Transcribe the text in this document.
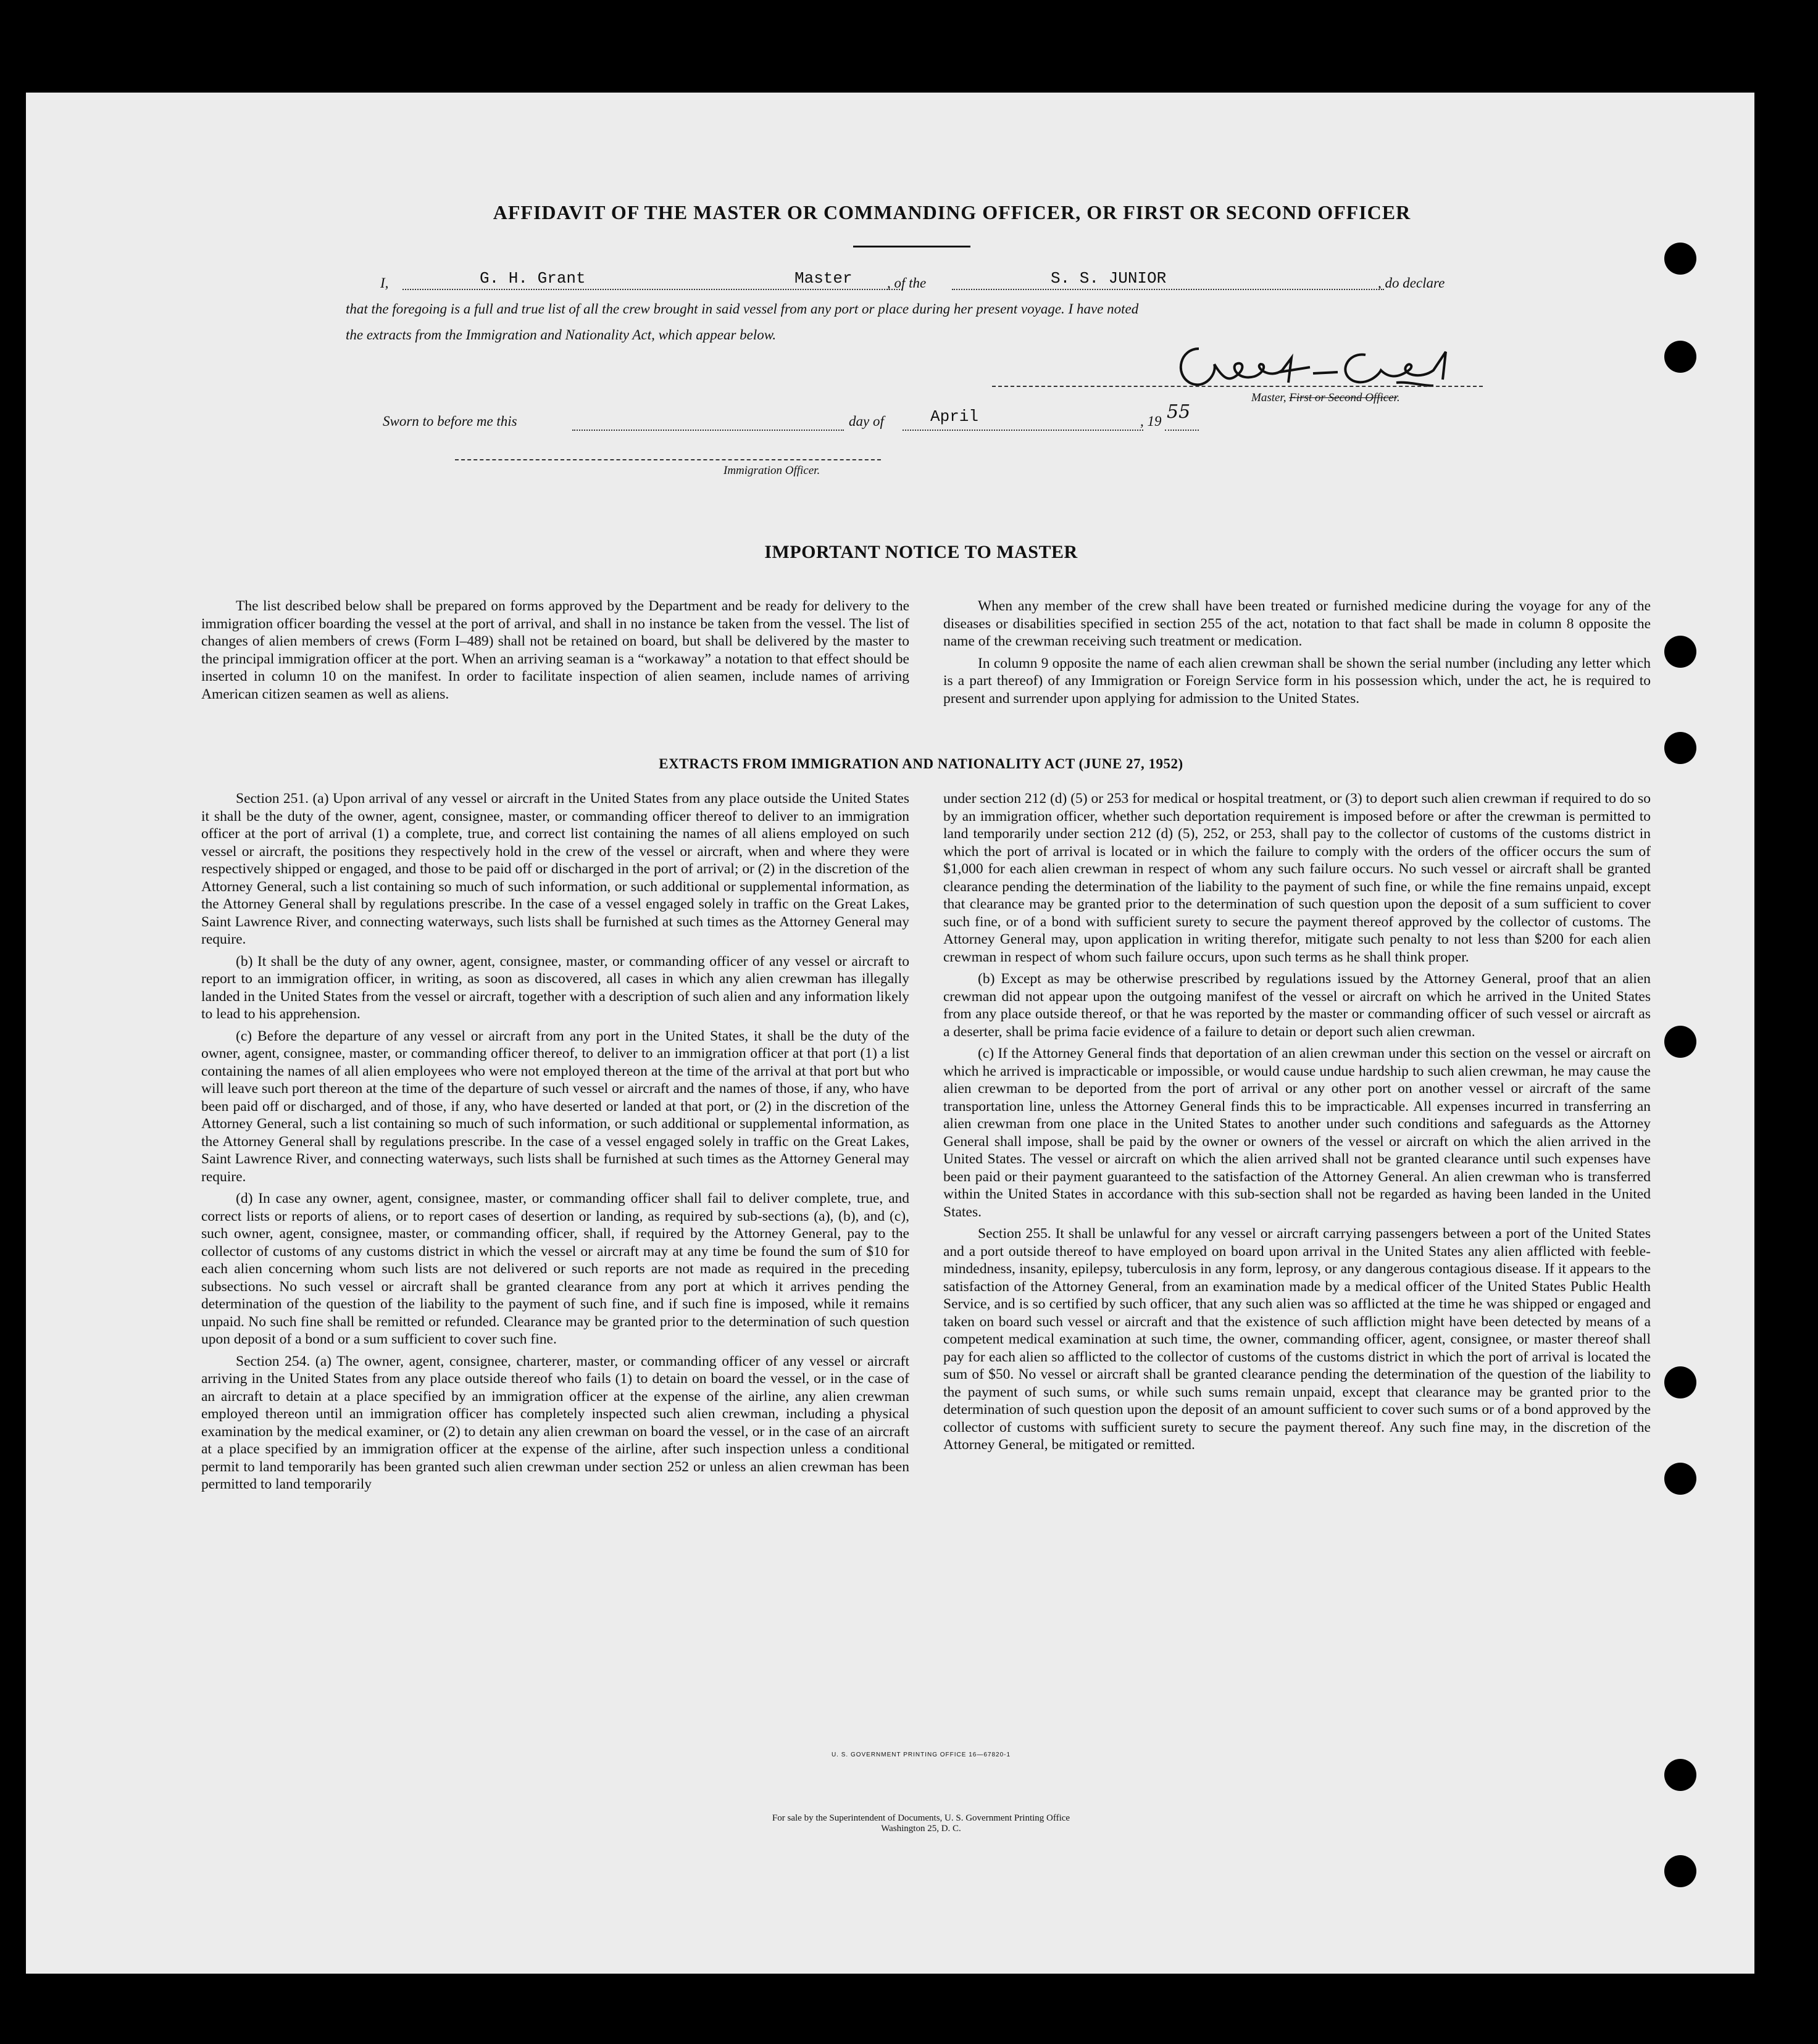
AFFIDAVIT OF THE MASTER OR COMMANDING OFFICER, OR FIRST OR SECOND OFFICER
I,	G. H. Grant	Master , of the	S. S. JUNIOR	, do declare
that the foregoing is a full and true list of all the crew brought in said vessel from any port or place during her present voyage. I have noted
the extracts from the Immigration and Nationality Act, which appear below.
Master, First or Second Officer.
Sworn to before me this	day of	April	, 19 55
Immigration Officer.
IMPORTANT NOTICE TO MASTER

The list described below shall be prepared on forms approved by the Department and be ready for delivery to the immigration officer boarding the vessel at the port of arrival, and shall in no instance be taken from the vessel. The list of changes of alien members of crews (Form I–489) shall not be retained on board, but shall be delivered by the master to the principal immigration officer at the port. When an arriving seaman is a “workaway” a notation to that effect should be inserted in column 10 on the manifest. In order to facilitate inspection of alien seamen, include names of arriving American citizen seamen as well as aliens.

When any member of the crew shall have been treated or furnished medicine during the voyage for any of the diseases or disabilities specified in section 255 of the act, notation to that fact shall be made in column 8 opposite the name of the crewman receiving such treatment or medication.

In column 9 opposite the name of each alien crewman shall be shown the serial number (including any letter which is a part thereof) of any Immigration or Foreign Service form in his possession which, under the act, he is required to present and surrender upon applying for admission to the United States.

EXTRACTS FROM IMMIGRATION AND NATIONALITY ACT (JUNE 27, 1952)

Section 251. (a) Upon arrival of any vessel or aircraft in the United States from any place outside the United States it shall be the duty of the owner, agent, consignee, master, or commanding officer thereof to deliver to an immigration officer at the port of arrival (1) a complete, true, and correct list containing the names of all aliens employed on such vessel or aircraft, the positions they respectively hold in the crew of the vessel or aircraft, when and where they were respectively shipped or engaged, and those to be paid off or discharged in the port of arrival; or (2) in the discretion of the Attorney General, such a list containing so much of such information, or such additional or supplemental information, as the Attorney General shall by regulations prescribe. In the case of a vessel engaged solely in traffic on the Great Lakes, Saint Lawrence River, and connecting waterways, such lists shall be furnished at such times as the Attorney General may require.

(b) It shall be the duty of any owner, agent, consignee, master, or commanding officer of any vessel or aircraft to report to an immigration officer, in writing, as soon as discovered, all cases in which any alien crewman has illegally landed in the United States from the vessel or aircraft, together with a description of such alien and any information likely to lead to his apprehension.

(c) Before the departure of any vessel or aircraft from any port in the United States, it shall be the duty of the owner, agent, consignee, master, or commanding officer thereof, to deliver to an immigration officer at that port (1) a list containing the names of all alien employees who were not employed thereon at the time of the arrival at that port but who will leave such port thereon at the time of the departure of such vessel or aircraft and the names of those, if any, who have been paid off or discharged, and of those, if any, who have deserted or landed at that port, or (2) in the discretion of the Attorney General, such a list containing so much of such information, or such additional or supplemental information, as the Attorney General shall by regulations prescribe. In the case of a vessel engaged solely in traffic on the Great Lakes, Saint Lawrence River, and connecting waterways, such lists shall be furnished at such times as the Attorney General may require.

(d) In case any owner, agent, consignee, master, or commanding officer shall fail to deliver complete, true, and correct lists or reports of aliens, or to report cases of desertion or landing, as required by sub-sections (a), (b), and (c), such owner, agent, consignee, master, or commanding officer, shall, if required by the Attorney General, pay to the collector of customs of any customs district in which the vessel or aircraft may at any time be found the sum of $10 for each alien concerning whom such lists are not delivered or such reports are not made as required in the preceding subsections. No such vessel or aircraft shall be granted clearance from any port at which it arrives pending the determination of the question of the liability to the payment of such fine, and if such fine is imposed, while it remains unpaid. No such fine shall be remitted or refunded. Clearance may be granted prior to the determination of such question upon deposit of a bond or a sum sufficient to cover such fine.

Section 254. (a) The owner, agent, consignee, charterer, master, or commanding officer of any vessel or aircraft arriving in the United States from any place outside thereof who fails (1) to detain on board the vessel, or in the case of an aircraft to detain at a place specified by an immigration officer at the expense of the airline, any alien crewman employed thereon until an immigration officer has completely inspected such alien crewman, including a physical examination by the medical examiner, or (2) to detain any alien crewman on board the vessel, or in the case of an aircraft at a place specified by an immigration officer at the expense of the airline, after such inspection unless a conditional permit to land temporarily has been granted such alien crewman under section 252 or unless an alien crewman has been permitted to land temporarily

under section 212 (d) (5) or 253 for medical or hospital treatment, or (3) to deport such alien crewman if required to do so by an immigration officer, whether such deportation requirement is imposed before or after the crewman is permitted to land temporarily under section 212 (d) (5), 252, or 253, shall pay to the collector of customs of the customs district in which the port of arrival is located or in which the failure to comply with the orders of the officer occurs the sum of $1,000 for each alien crewman in respect of whom any such failure occurs. No such vessel or aircraft shall be granted clearance pending the determination of the liability to the payment of such fine, or while the fine remains unpaid, except that clearance may be granted prior to the determination of such question upon the deposit of a sum sufficient to cover such fine, or of a bond with sufficient surety to secure the payment thereof approved by the collector of customs. The Attorney General may, upon application in writing therefor, mitigate such penalty to not less than $200 for each alien crewman in respect of whom such failure occurs, upon such terms as he shall think proper.

(b) Except as may be otherwise prescribed by regulations issued by the Attorney General, proof that an alien crewman did not appear upon the outgoing manifest of the vessel or aircraft on which he arrived in the United States from any place outside thereof, or that he was reported by the master or commanding officer of such vessel or aircraft as a deserter, shall be prima facie evidence of a failure to detain or deport such alien crewman.

(c) If the Attorney General finds that deportation of an alien crewman under this section on the vessel or aircraft on which he arrived is impracticable or impossible, or would cause undue hardship to such alien crewman, he may cause the alien crewman to be deported from the port of arrival or any other port on another vessel or aircraft of the same transportation line, unless the Attorney General finds this to be impracticable. All expenses incurred in transferring an alien crewman from one place in the United States to another under such conditions and safeguards as the Attorney General shall impose, shall be paid by the owner or owners of the vessel or aircraft on which the alien arrived in the United States. The vessel or aircraft on which the alien arrived shall not be granted clearance until such expenses have been paid or their payment guaranteed to the satisfaction of the Attorney General. An alien crewman who is transferred within the United States in accordance with this sub-section shall not be regarded as having been landed in the United States.

Section 255. It shall be unlawful for any vessel or aircraft carrying passengers between a port of the United States and a port outside thereof to have employed on board upon arrival in the United States any alien afflicted with feeble-mindedness, insanity, epilepsy, tuberculosis in any form, leprosy, or any dangerous contagious disease. If it appears to the satisfaction of the Attorney General, from an examination made by a medical officer of the United States Public Health Service, and is so certified by such officer, that any such alien was so afflicted at the time he was shipped or engaged and taken on board such vessel or aircraft and that the existence of such affliction might have been detected by means of a competent medical examination at such time, the owner, commanding officer, agent, consignee, or master thereof shall pay for each alien so afflicted to the collector of customs of the customs district in which the port of arrival is located the sum of $50. No vessel or aircraft shall be granted clearance pending the determination of the question of the liability to the payment of such sums, or while such sums remain unpaid, except that clearance may be granted prior to the determination of such question upon the deposit of an amount sufficient to cover such sums or of a bond approved by the collector of customs with sufficient surety to secure the payment thereof. Any such fine may, in the discretion of the Attorney General, be mitigated or remitted.

U. S. GOVERNMENT PRINTING OFFICE 16—67820-1
For sale by the Superintendent of Documents, U. S. Government Printing Office
Washington 25, D. C.
